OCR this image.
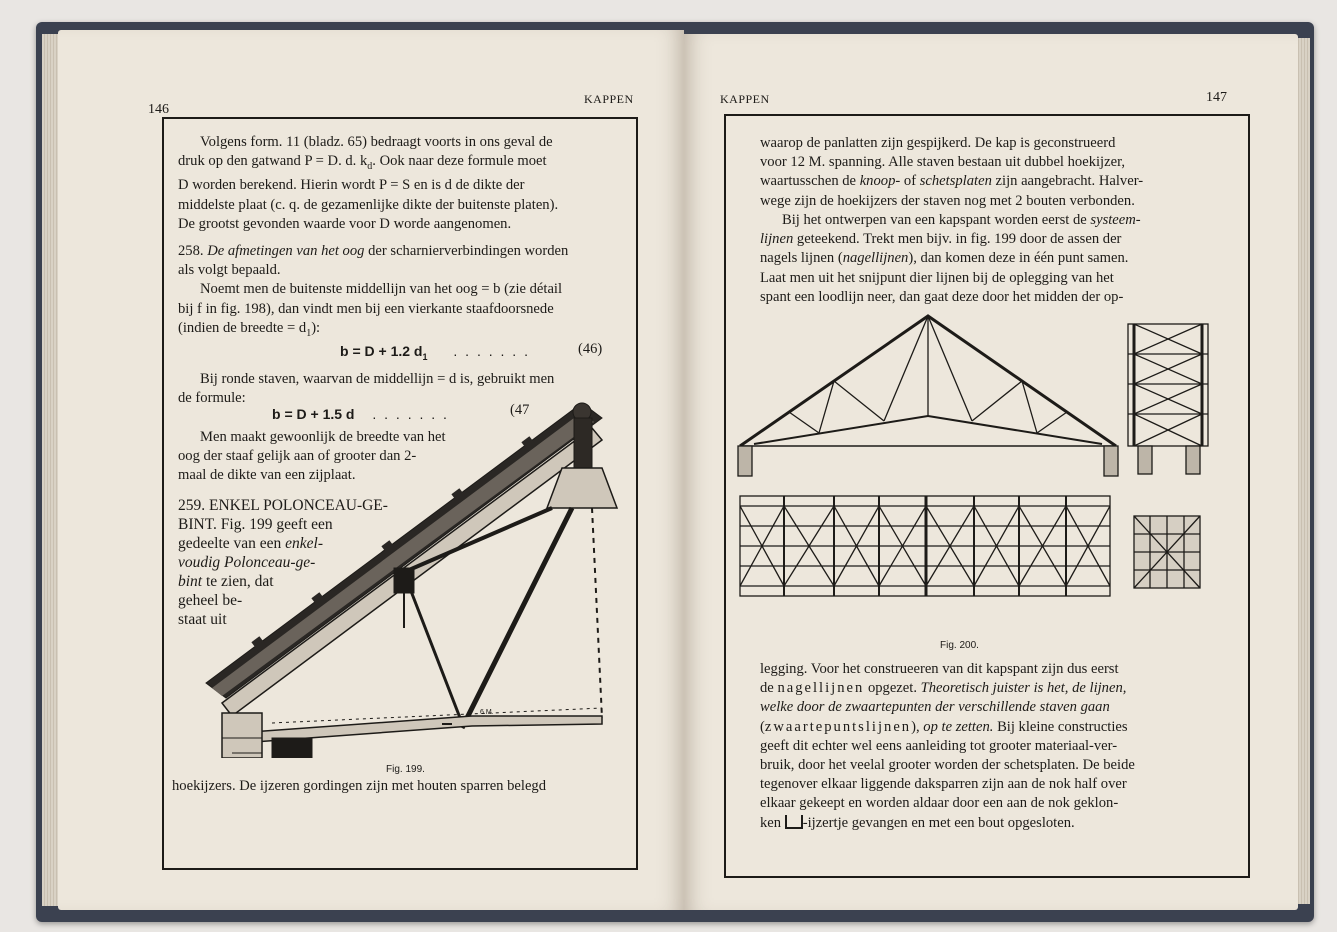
146
KAPPEN

Volgens form. 11 (bladz. 65) bedraagt voorts in ons geval de

druk op den gatwand P = D. d. $k_d$. Ook naar deze formule moet

D worden berekend. Hierin wordt P = S en is d de dikte der

middelste plaat (c. q. de gezamenlijke dikte der buitenste platen).

De grootst gevonden waarde voor D worde aangenomen.

258. De afmetingen van het oog der scharnierverbindingen worden

als volgt bepaald.

Noemt men de buitenste middellijn van het oog = b (zie détail

bij f in fig. 198), dan vindt men bij een vierkante staafdoorsnede

(indien de breedte = $d_1$):

b = D + 1.2 $d_1$ . . . . . . .	(46)

Bij ronde staven, waarvan de middellijn = d is, gebruikt men

de formule:

b = D + 1.5 d . . . . . . .	(47

Men maakt gewoonlijk de breedte van het

oog der staaf gelijk aan of grooter dan 2-

maal de dikte van een zijplaat.

259. ENKEL POLONCEAU-GE-

BINT. Fig. 199 geeft een

gedeelte van een enkel-

voudig Polonceau-ge-

bint te zien, dat

geheel be-

staat uit

6 M.
Fig. 199.

hoekijzers. De ijzeren gordingen zijn met houten sparren belegd

KAPPEN	147

waarop de panlatten zijn gespijkerd. De kap is geconstrueerd

voor 12 M. spanning. Alle staven bestaan uit dubbel hoekijzer,

waartusschen de knoop- of schetsplaten zijn aangebracht. Halver-

wege zijn de hoekijzers der staven nog met 2 bouten verbonden.

Bij het ontwerpen van een kapspant worden eerst de systeem-

lijnen geteekend. Trekt men bijv. in fig. 199 door de assen der

nagels lijnen (nagellijnen), dan komen deze in één punt samen.

Laat men uit het snijpunt dier lijnen bij de oplegging van het

spant een loodlijn neer, dan gaat deze door het midden der op-

Fig. 200.

legging. Voor het construeeren van dit kapspant zijn dus eerst

de nagellijnen opgezet. Theoretisch juister is het, de lijnen,

welke door de zwaartepunten der verschillende staven gaan

(zwaartepuntslijnen), op te zetten. Bij kleine constructies

geeft dit echter wel eens aanleiding tot grooter materiaal-ver-

bruik, door het veelal grooter worden der schetsplaten. De beide

tegenover elkaar liggende daksparren zijn aan de nok half over

elkaar gekeept en worden aldaar door een aan de nok geklon-

ken -ijzertje gevangen en met een bout opgesloten.
